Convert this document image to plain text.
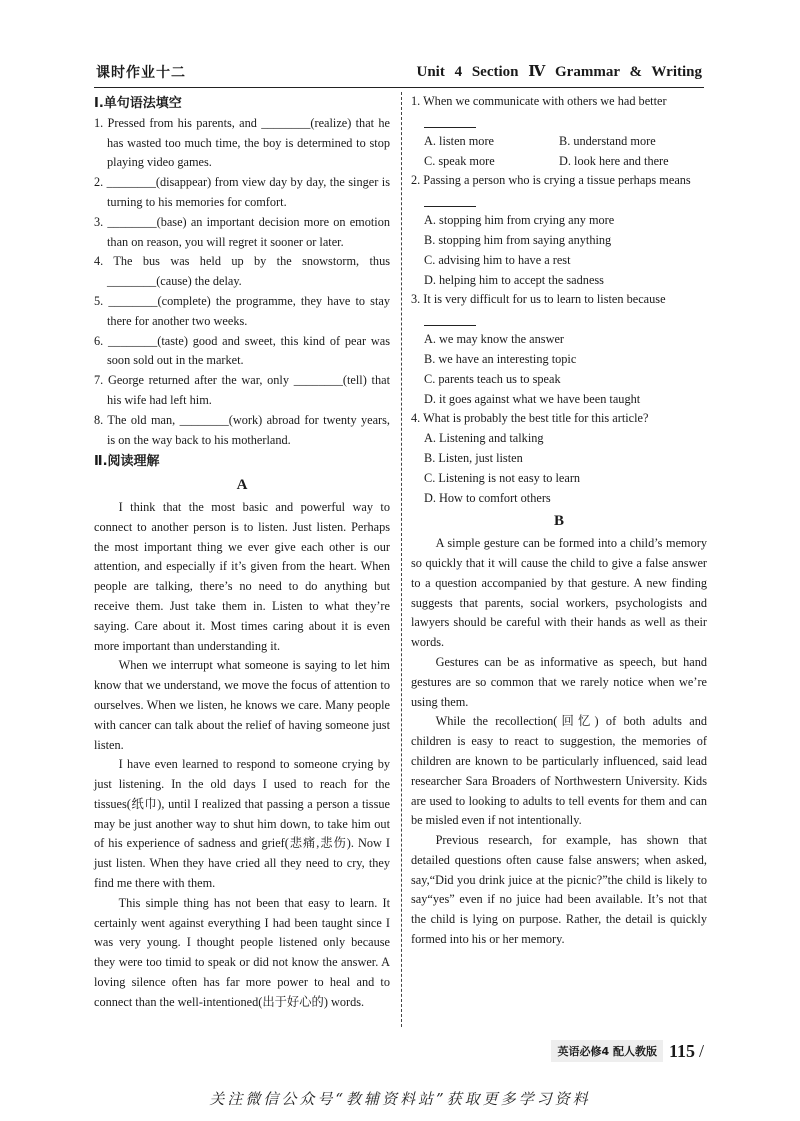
课时作业十二	Unit 4 Section Ⅳ Grammar & Writing
Ⅰ.单句语法填空

1. Pressed from his parents, and ________(realize) that he has wasted too much time, the boy is determined to stop playing video games.

2. ________(disappear) from view day by day, the singer is turning to his memories for comfort.

3. ________(base) an important decision more on emotion than on reason, you will regret it sooner or later.

4. The bus was held up by the snowstorm, thus ________(cause) the delay.

5. ________(complete) the programme, they have to stay there for another two weeks.

6. ________(taste) good and sweet, this kind of pear was soon sold out in the market.

7. George returned after the war, only ________(tell) that his wife had left him.

8. The old man, ________(work) abroad for twenty years, is on the way back to his motherland.

Ⅱ.阅读理解
A

I think that the most basic and powerful way to connect to another person is to listen. Just listen. Perhaps the most important thing we ever give each other is our attention, and especially if it’s given from the heart. When people are talking, there’s no need to do anything but receive them. Just take them in. Listen to what they’re saying. Care about it. Most times caring about it is even more important than understanding it.

When we interrupt what someone is saying to let him know that we understand, we move the focus of attention to ourselves. When we listen, he knows we care. Many people with cancer can talk about the relief of having someone just listen.

I have even learned to respond to someone crying by just listening. In the old days I used to reach for the tissues(纸巾), until I realized that passing a person a tissue may be just another way to shut him down, to take him out of his experience of sadness and grief(悲痛,悲伤). Now I just listen. When they have cried all they need to cry, they find me there with them.

This simple thing has not been that easy to learn. It certainly went against everything I had been taught since I was very young. I thought people listened only because they were too timid to speak or did not know the answer. A loving silence often has far more power to heal and to connect than the well-intentioned(出于好心的) words.

1. When we communicate with others we had better

A. listen more	B. understand more
C. speak more	D. look here and there

2. Passing a person who is crying a tissue perhaps means

A. stopping him from crying any more

B. stopping him from saying anything

C. advising him to have a rest

D. helping him to accept the sadness

3. It is very difficult for us to learn to listen because

A. we may know the answer

B. we have an interesting topic

C. parents teach us to speak

D. it goes against what we have been taught

4. What is probably the best title for this article?

A. Listening and talking

B. Listen, just listen

C. Listening is not easy to learn

D. How to comfort others

B

A simple gesture can be formed into a child’s memory so quickly that it will cause the child to give a false answer to a question accompanied by that gesture. A new finding suggests that parents, social workers, psychologists and lawyers should be careful with their hands as well as their words.

Gestures can be as informative as speech, but hand gestures are so common that we rarely notice when we’re using them.

While the recollection(回忆) of both adults and children is easy to react to suggestion, the memories of children are known to be particularly influenced, said lead researcher Sara Broaders of Northwestern University. Kids are used to looking to adults to tell events for them and can be misled even if not intentionally.

Previous research, for example, has shown that detailed questions often cause false answers; when asked, say,“Did you drink juice at the picnic?”the child is likely to say“yes” even if no juice had been available. It’s not that the child is lying on purpose. Rather, the detail is quickly formed into his or her memory.

英语必修4 配人教版 115 /
关注微信公众号“教辅资料站”获取更多学习资料
